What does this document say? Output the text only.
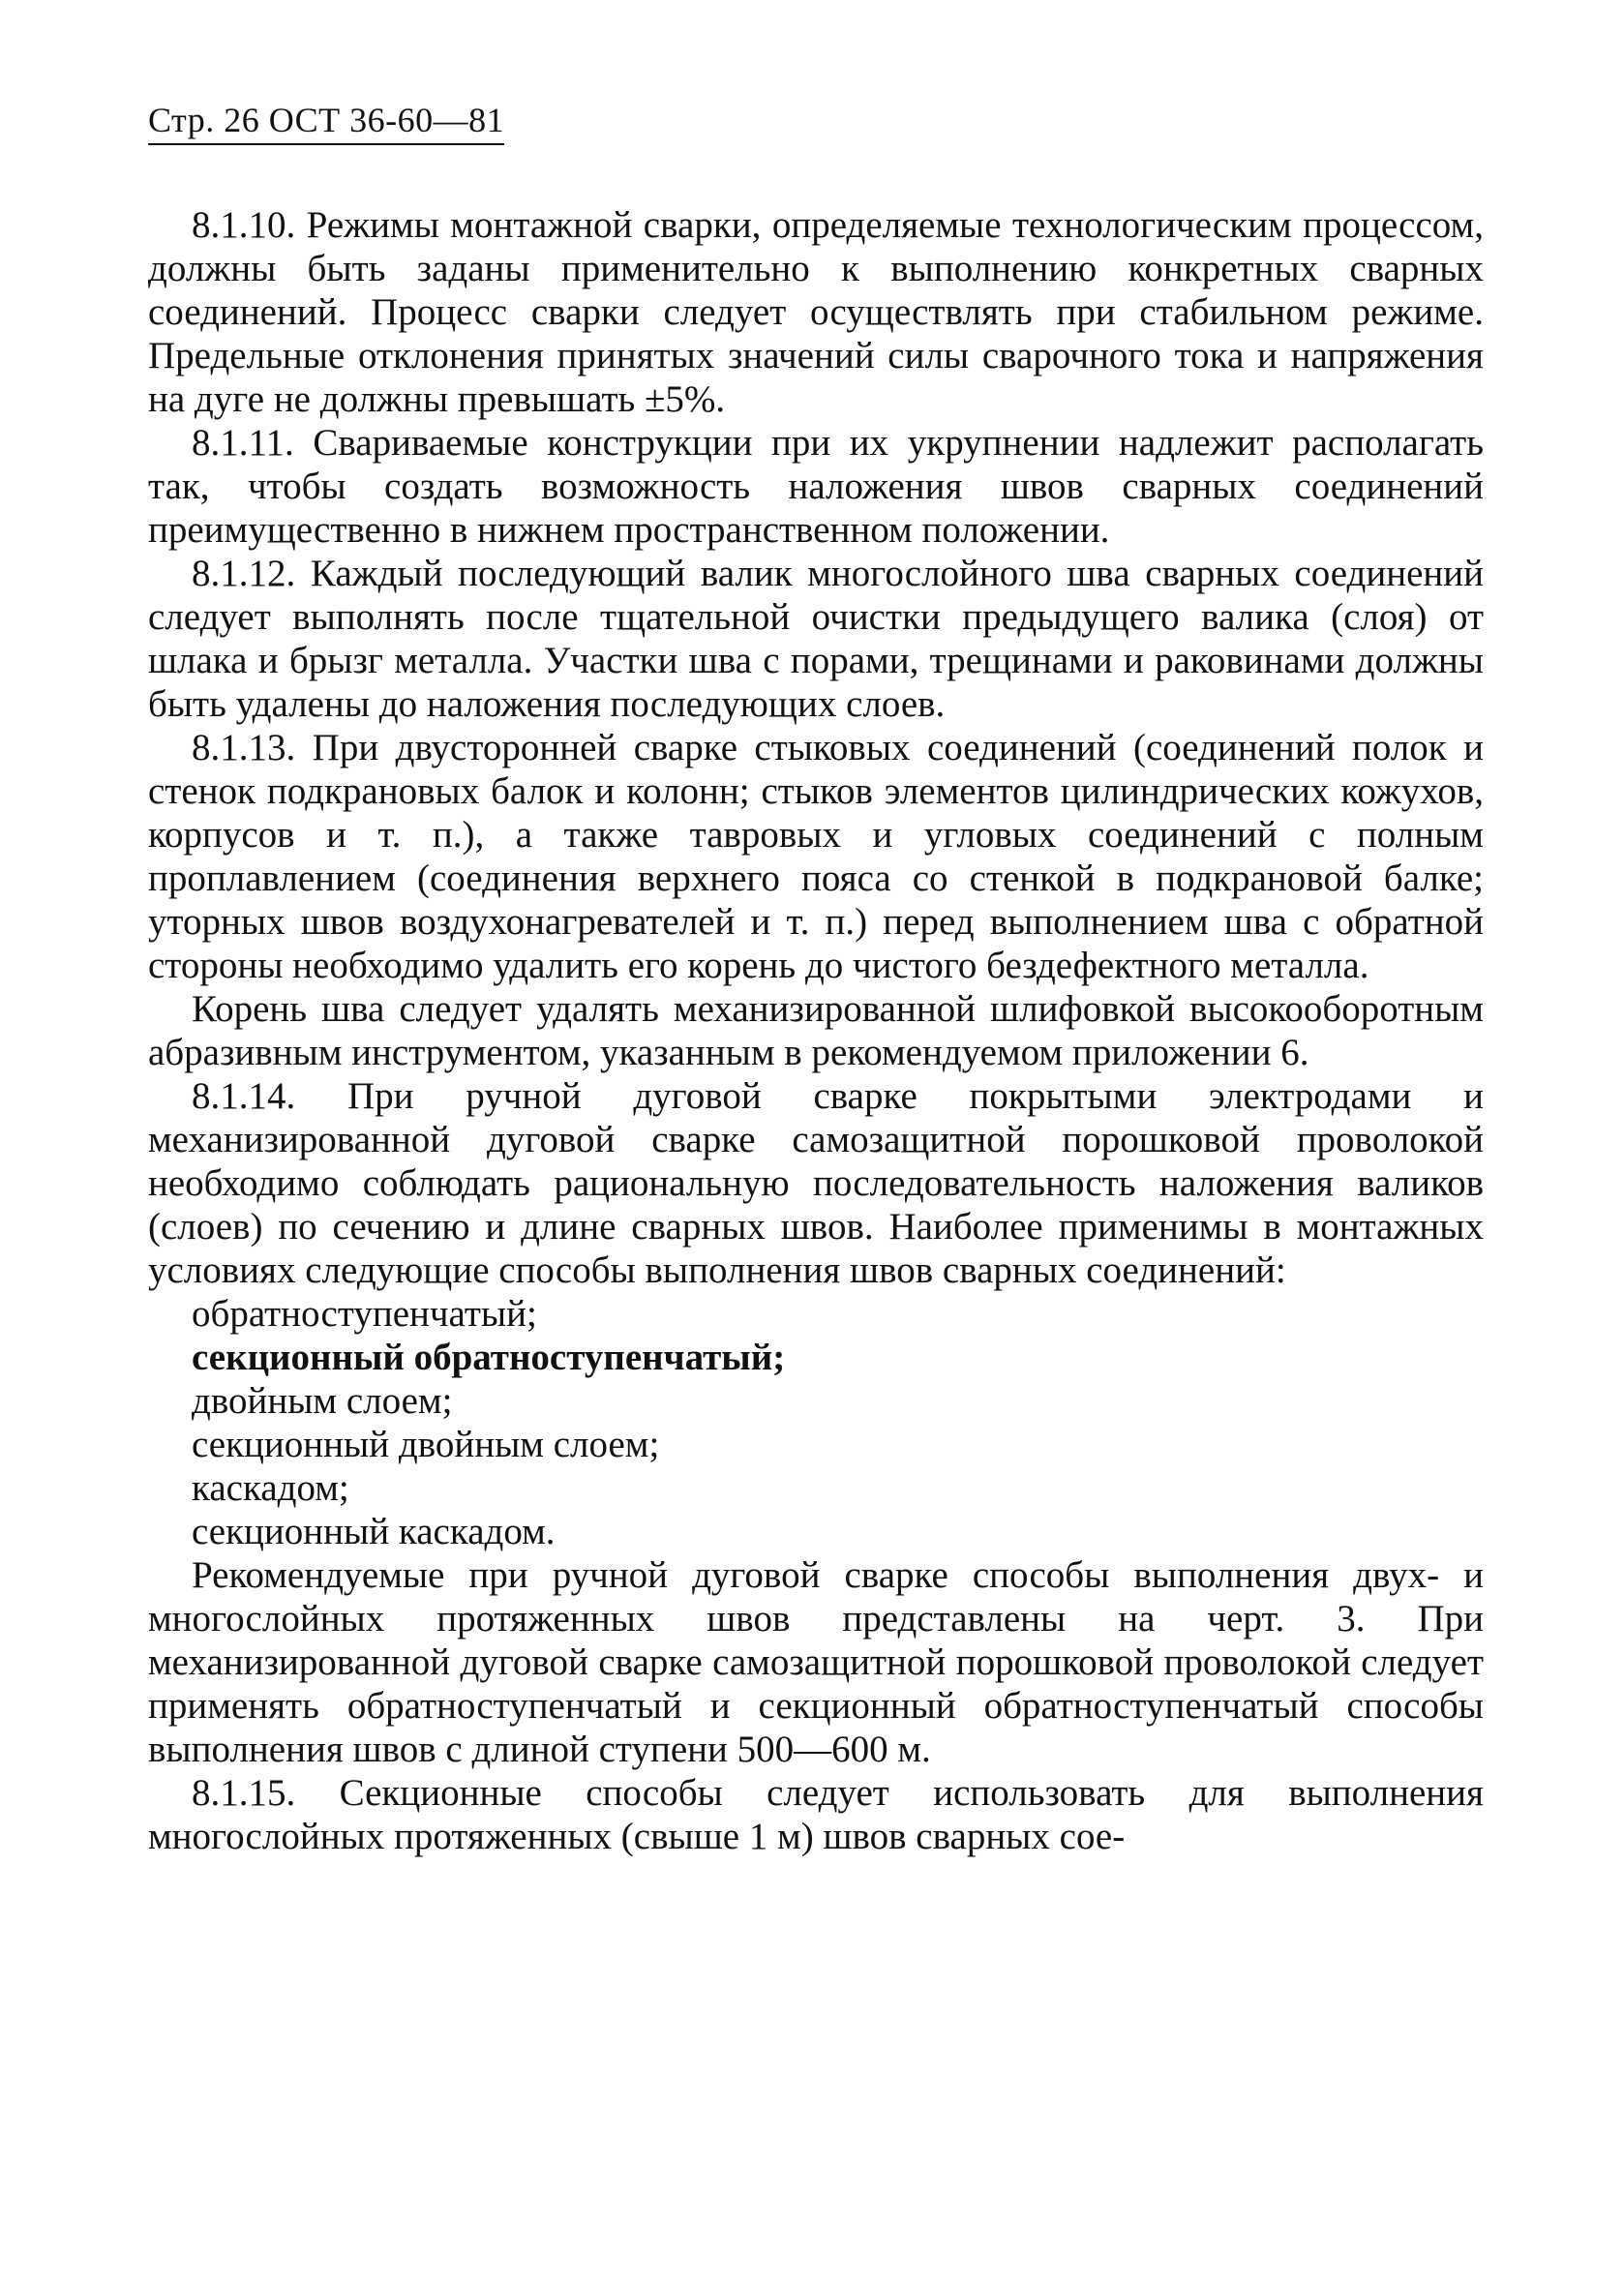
Стр. 26 ОСТ 36-60—81

8.1.10. Режимы монтажной сварки, определяемые технологическим процессом, должны быть заданы применительно к выполнению конкретных сварных соединений. Процесс сварки следует осуществлять при стабильном режиме. Предельные отклонения принятых значений силы сварочного тока и напряжения на дуге не должны превышать ±5%.

8.1.11. Свариваемые конструкции при их укрупнении надлежит располагать так, чтобы создать возможность наложения швов сварных соединений преимущественно в нижнем пространственном положении.

8.1.12. Каждый последующий валик многослойного шва сварных соединений следует выполнять после тщательной очистки предыдущего валика (слоя) от шлака и брызг металла. Участки шва с порами, трещинами и раковинами должны быть удалены до наложения последующих слоев.

8.1.13. При двусторонней сварке стыковых соединений (соединений полок и стенок подкрановых балок и колонн; стыков элементов цилиндрических кожухов, корпусов и т. п.), а также тавровых и угловых соединений с полным проплавлением (соединения верхнего пояса со стенкой в подкрановой балке; уторных швов воздухонагревателей и т. п.) перед выполнением шва с обратной стороны необходимо удалить его корень до чистого бездефектного металла.

Корень шва следует удалять механизированной шлифовкой высокооборотным абразивным инструментом, указанным в рекомендуемом приложении 6.

8.1.14. При ручной дуговой сварке покрытыми электродами и механизированной дуговой сварке самозащитной порошковой проволокой необходимо соблюдать рациональную последовательность наложения валиков (слоев) по сечению и длине сварных швов. Наиболее применимы в монтажных условиях следующие способы выполнения швов сварных соединений:

обратноступенчатый;
секционный обратноступенчатый;
двойным слоем;
секционный двойным слоем;
каскадом;
секционный каскадом.

Рекомендуемые при ручной дуговой сварке способы выполнения двух- и многослойных протяженных швов представлены на черт. 3. При механизированной дуговой сварке самозащитной порошковой проволокой следует применять обратноступенчатый и секционный обратноступенчатый способы выполнения швов с длиной ступени 500—600 м.

8.1.15. Секционные способы следует использовать для выполнения многослойных протяженных (свыше 1 м) швов сварных сое-
